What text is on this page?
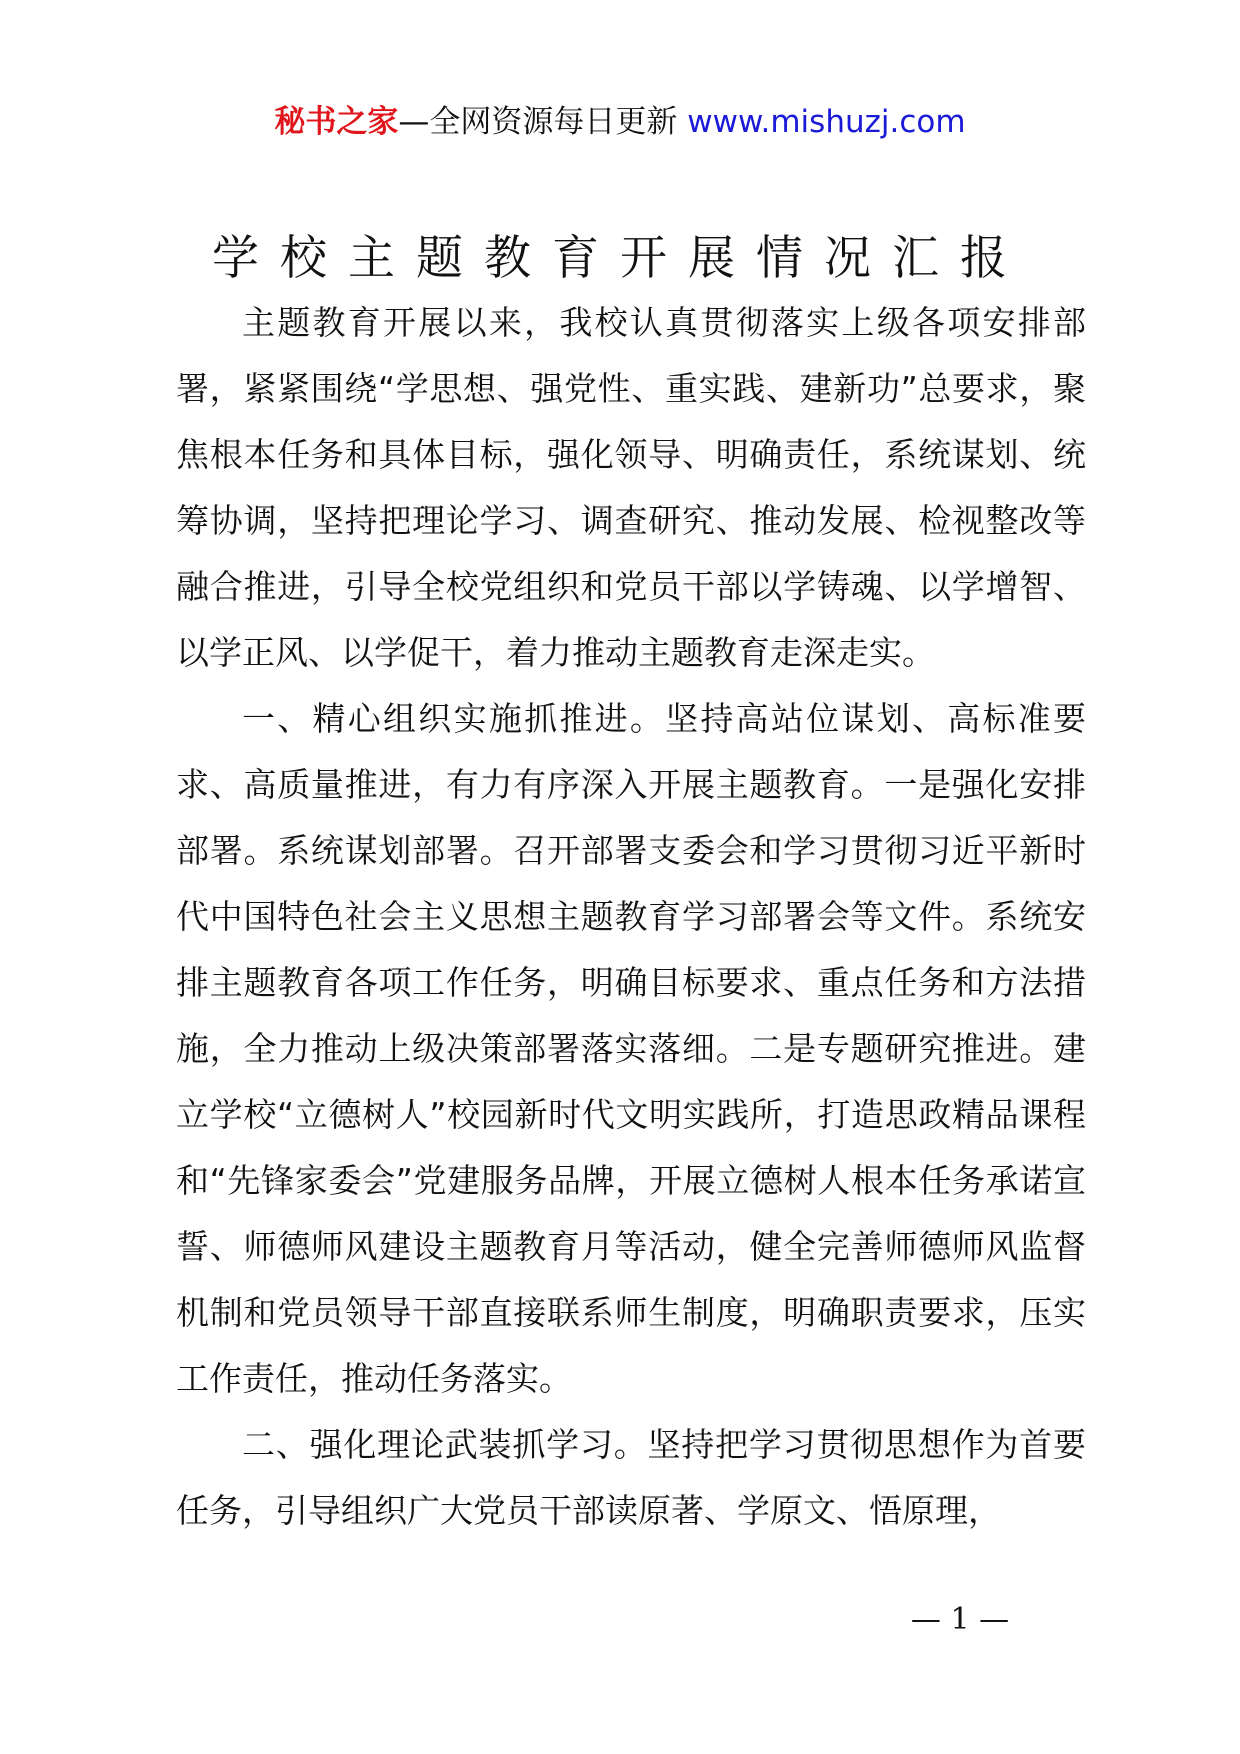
秘书之家—全网资源每日更新 www.mishuzj.com
学校主题教育开展情况汇报

主题教育开展以来，我校认真贯彻落实上级各项安排部署，紧紧围绕“学思想、强党性、重实践、建新功”总要求，聚焦根本任务和具体目标，强化领导、明确责任，系统谋划、统筹协调，坚持把理论学习、调查研究、推动发展、检视整改等融合推进，引导全校党组织和党员干部以学铸魂、以学增智、以学正风、以学促干，着力推动主题教育走深走实。

一、精心组织实施抓推进。坚持高站位谋划、高标准要求、高质量推进，有力有序深入开展主题教育。一是强化安排部署。系统谋划部署。召开部署支委会和学习贯彻习近平新时代中国特色社会主义思想主题教育学习部署会等文件。系统安排主题教育各项工作任务，明确目标要求、重点任务和方法措施，全力推动上级决策部署落实落细。二是专题研究推进。建立学校“立德树人”校园新时代文明实践所，打造思政精品课程和“先锋家委会”党建服务品牌，开展立德树人根本任务承诺宣誓、师德师风建设主题教育月等活动，健全完善师德师风监督机制和党员领导干部直接联系师生制度，明确职责要求，压实工作责任，推动任务落实。

二、强化理论武装抓学习。坚持把学习贯彻思想作为首要任务，引导组织广大党员干部读原著、学原文、悟原理，

— 1 —
